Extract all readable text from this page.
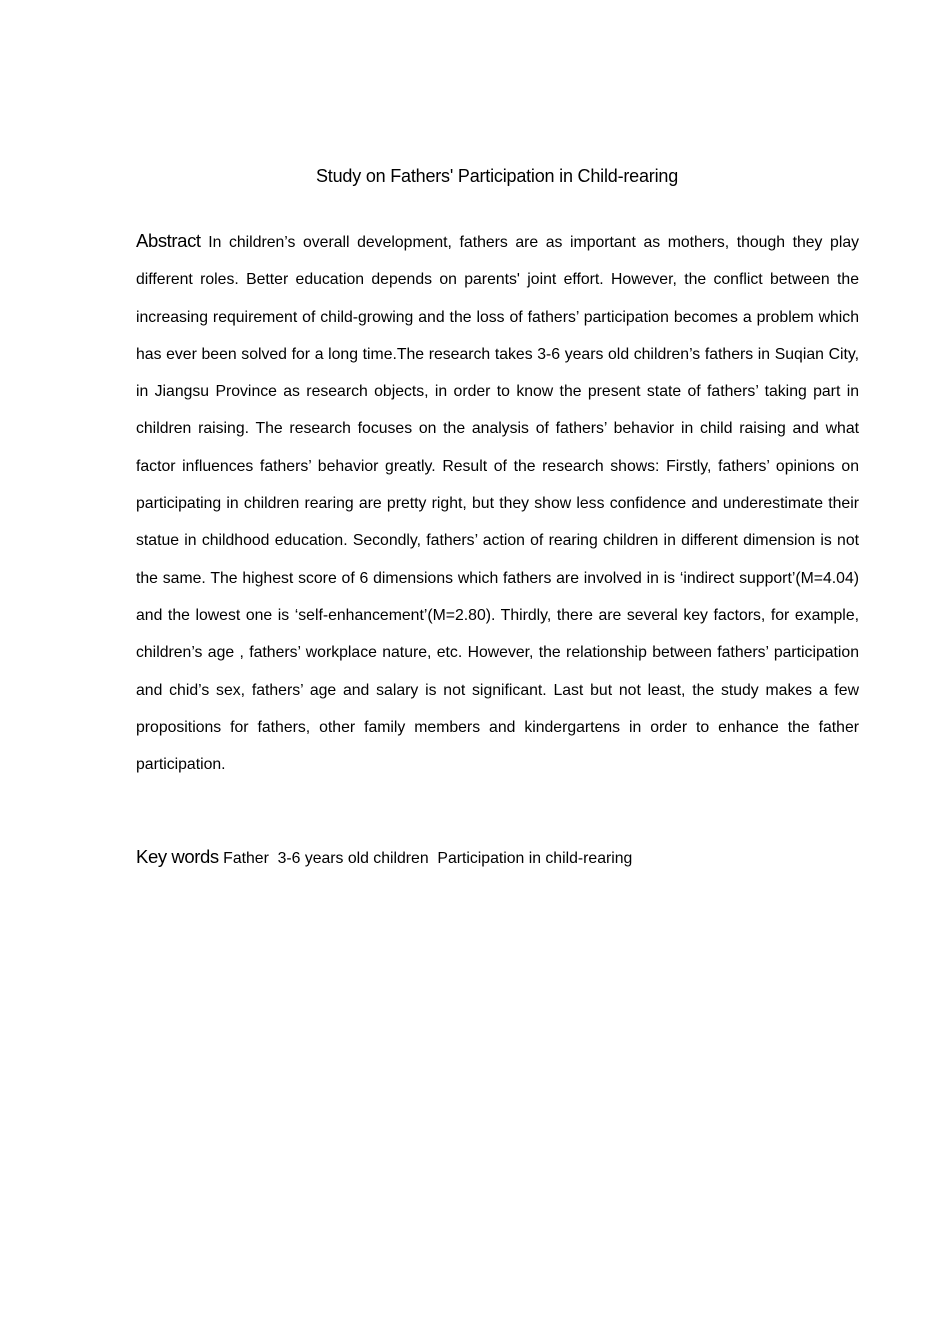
Study on Fathers' Participation in Child-rearing

Abstract In children’s overall development, fathers are as important as mothers, though they play different roles. Better education depends on parents' joint effort. However, the conflict between the increasing requirement of child-growing and the loss of fathers’ participation becomes a problem which has ever been solved for a long time.The research takes 3-6 years old children’s fathers in Suqian City, in Jiangsu Province as research objects, in order to know the present state of fathers’ taking part in children raising. The research focuses on the analysis of fathers’ behavior in child raising and what factor influences fathers’ behavior greatly. Result of the research shows: Firstly, fathers’ opinions on participating in children rearing are pretty right, but they show less confidence and underestimate their statue in childhood education. Secondly, fathers’ action of rearing children in different dimension is not the same. The highest score of 6 dimensions which fathers are involved in is ‘indirect support’(M=4.04) and the lowest one is ‘self-enhancement’(M=2.80). Thirdly, there are several key factors, for example, children’s age , fathers’ workplace nature, etc. However, the relationship between fathers’ participation and chid’s sex, fathers’ age and salary is not significant. Last but not least, the study makes a few propositions for fathers, other family members and kindergartens in order to enhance the father participation.

Key words Father  3-6 years old children  Participation in child-rearing
